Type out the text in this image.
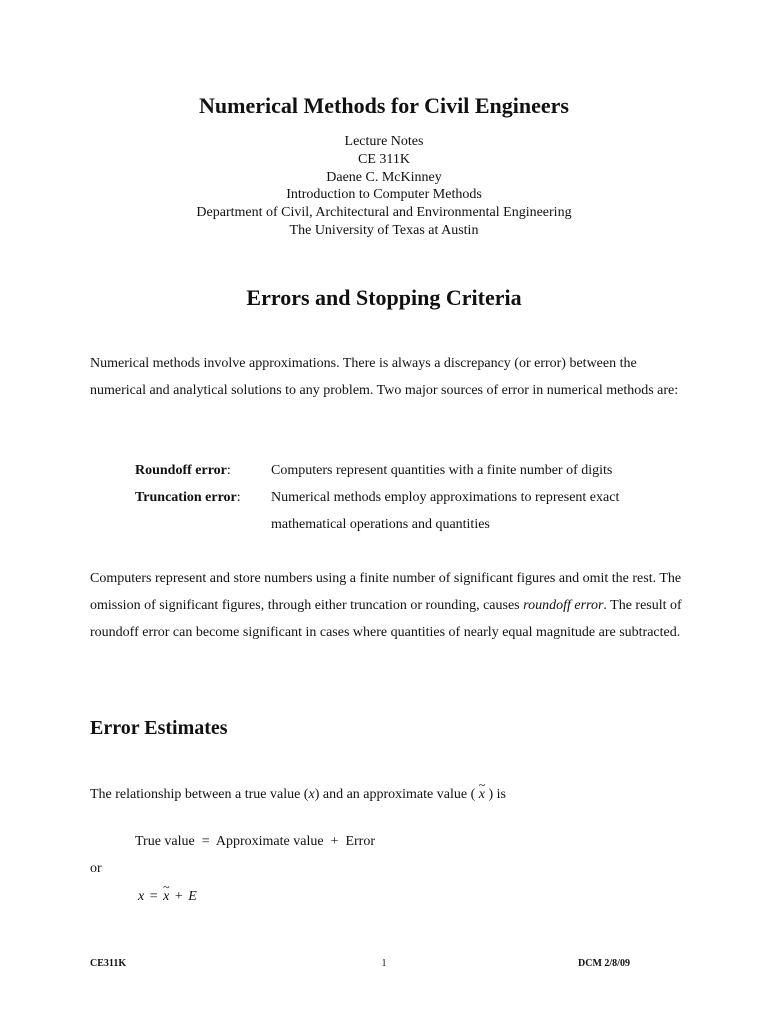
Numerical Methods for Civil Engineers
Lecture Notes
CE 311K
Daene C. McKinney
Introduction to Computer Methods
Department of Civil, Architectural and Environmental Engineering
The University of Texas at Austin
Errors and Stopping Criteria
Numerical methods involve approximations. There is always a discrepancy (or error) between the numerical and analytical solutions to any problem. Two major sources of error in numerical methods are:
Roundoff error:	Computers represent quantities with a finite number of digits
Truncation error:	Numerical methods employ approximations to represent exact mathematical operations and quantities
Computers represent and store numbers using a finite number of significant figures and omit the rest. The omission of significant figures, through either truncation or rounding, causes roundoff error. The result of roundoff error can become significant in cases where quantities of nearly equal magnitude are subtracted.
Error Estimates
The relationship between a true value (x) and an approximate value ( ~ x ) is
True value  =  Approximate value  +  Error
or
x = ~ x + E
CE311K	1	DCM 2/8/09
